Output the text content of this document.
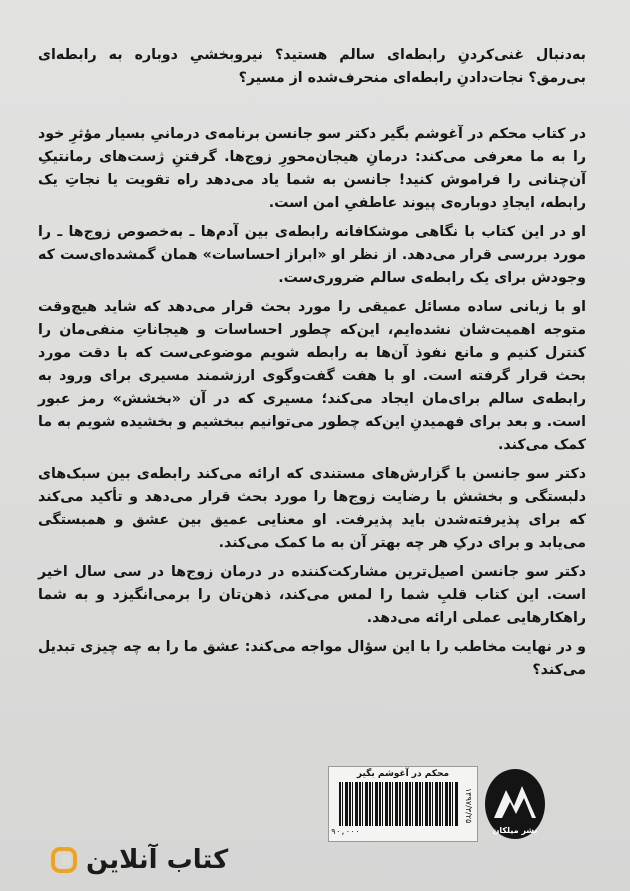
به‌دنبال غنی‌کردنِ رابطه‌ای سالم هستید؟ نیروبخشیِ دوباره به رابطه‌ای بی‌رمق؟ نجات‌دادنِ رابطه‌ای منحرف‌شده از مسیر؟

در کتاب محکم در آغوشم بگیر دکتر سو جانسن برنامه‌ی درمانیِ بسیار مؤثرِ خود را به ما معرفی می‌کند: درمانِ هیجان‌محورِ زوج‌ها. گرفتنِ ژست‌های رمانتیکِ آن‌چنانی را فراموش کنید! جانسن به شما یاد می‌دهد راه تقویت یا نجاتِ یک رابطه، ایجادِ دوباره‌ی پیوند عاطفیِ امن است.

او در این کتاب با نگاهی موشکافانه رابطه‌ی بین آدم‌ها ـ به‌خصوص زوج‌ها ـ را مورد بررسی قرار می‌دهد. از نظر او «ابراز احساسات» همان گمشده‌ای‌ست که وجودش برای یک رابطه‌ی سالم ضروری‌ست.

او با زبانی ساده مسائل عمیقی را مورد بحث قرار می‌دهد که شاید هیچ‌وقت متوجه اهمیت‌شان نشده‌ایم، این‌که چطور احساسات و هیجاناتِ منفی‌مان را کنترل کنیم و مانع نفوذ آن‌ها به رابطه شویم موضوعی‌ست که با دقت مورد بحث قرار گرفته است. او با هفت گفت‌وگوی ارزشمند مسیری برای ورود به رابطه‌ی سالم برای‌مان ایجاد می‌کند؛ مسیری که در آن «بخشش» رمز عبور است. و بعد برای فهمیدنِ این‌که چطور می‌توانیم ببخشیم و بخشیده شویم به ما کمک می‌کند.

دکتر سو جانسن با گزارش‌های مستندی که ارائه می‌کند رابطه‌ی بین سبک‌های دلبستگی و بخشش با رضایت زوج‌ها را مورد بحث قرار می‌دهد و تأکید می‌کند که برای پذیرفته‌شدن باید پذیرفت. او معنایی عمیق بین عشق و همبستگی می‌یابد و برای درکِ هر چه بهتر آن به ما کمک می‌کند.

دکتر سو جانسن اصیل‌ترین مشارکت‌کننده در درمان زوج‌ها در سی سال اخیر است. این کتاب قلبِ شما را لمس می‌کند، ذهن‌تان را برمی‌انگیزد و به شما راهکارهایی عملی ارائه می‌دهد.

و در نهایت مخاطب را با این سؤال مواجه می‌کند: عشق ما را به چه چیزی تبدیل می‌کند؟

محکم در آغوشم بگیر
۹۰,۰۰۰
۱۳۹۷/۳/۲۵
نشر میلکان
کتاب آنلاین
